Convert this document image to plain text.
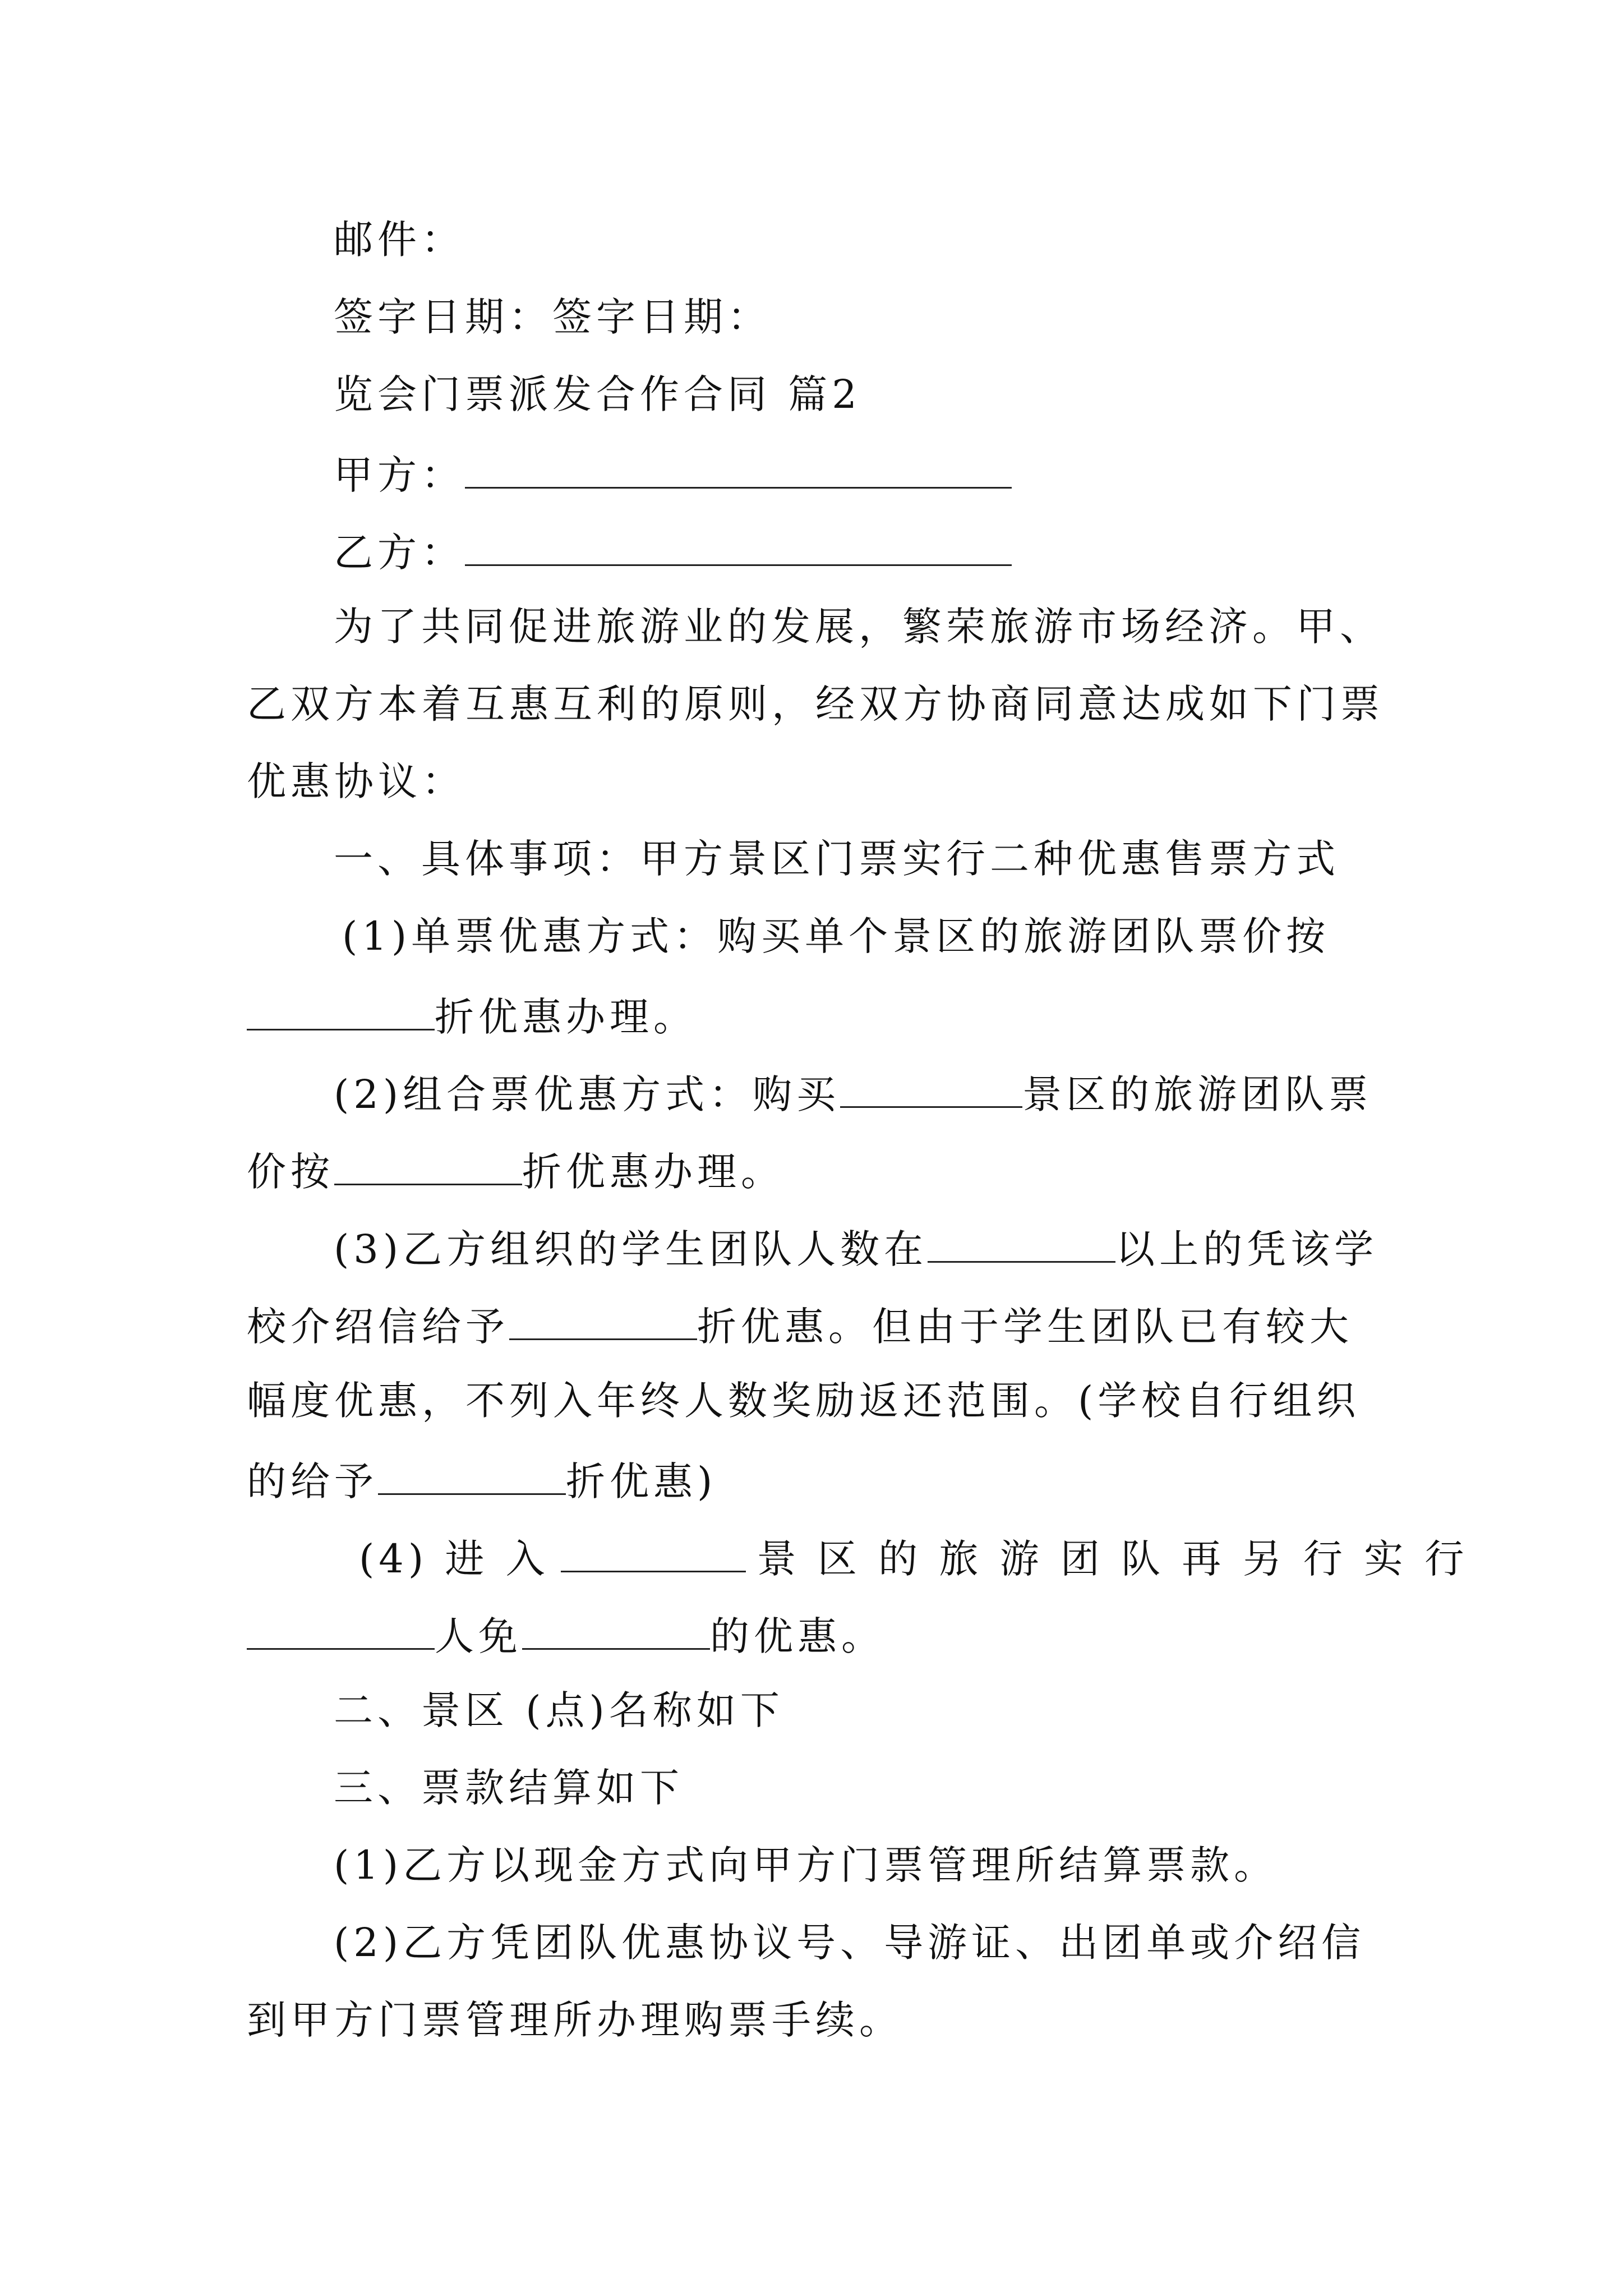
邮件：
签字日期：签字日期：
览会门票派发合作合同 篇2
甲方：
乙方：
为了共同促进旅游业的发展，繁荣旅游市场经济。甲、
乙双方本着互惠互利的原则，经双方协商同意达成如下门票
优惠协议：
一、具体事项：甲方景区门票实行二种优惠售票方式
(1)单票优惠方式：购买单个景区的旅游团队票价按
折优惠办理。
(2)组合票优惠方式：购买	景区的旅游团队票
价按	折优惠办理。
(3)乙方组织的学生团队人数在	以上的凭该学
校介绍信给予	折优惠。但由于学生团队已有较大
幅度优惠，不列入年终人数奖励返还范围。(学校自行组织
的给予	折优惠)
(4) 进 入	景 区 的 旅 游 团 队 再 另 行 实 行
人免	的优惠。
二、景区 (点)名称如下
三、票款结算如下
(1)乙方以现金方式向甲方门票管理所结算票款。
(2)乙方凭团队优惠协议号、导游证、出团单或介绍信
到甲方门票管理所办理购票手续。
